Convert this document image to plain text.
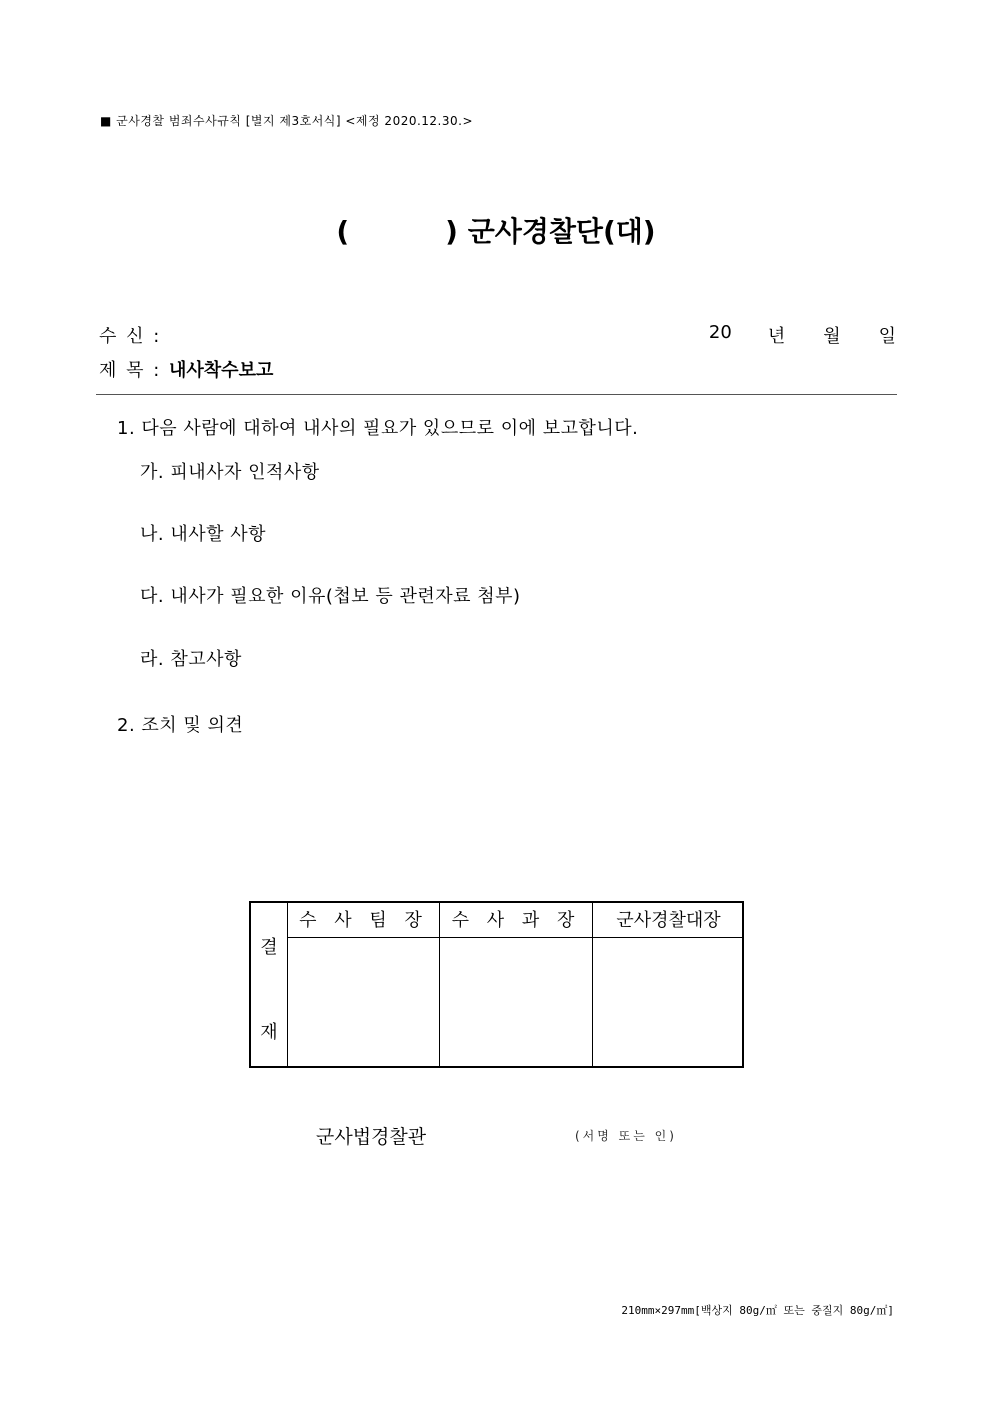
■ 군사경찰 범죄수사규칙 [별지 제3호서식] <제정 2020.12.30.>
(	) 군사경찰단(대)
수 신 :	20 년 월 일
제 목 : 내사착수보고
1. 다음 사람에 대하여 내사의 필요가 있으므로 이에 보고합니다.
가. 피내사자 인적사항
나. 내사할 사항
다. 내사가 필요한 이유(첩보 등 관련자료 첨부)
라. 참고사항
2. 조치 및 의견
결
재
수 사 팀 장	수 사 과 장	군사경찰대장
군사법경찰관	(서명 또는 인)
210mm×297mm[백상지 80g/㎡ 또는 중질지 80g/㎡]
